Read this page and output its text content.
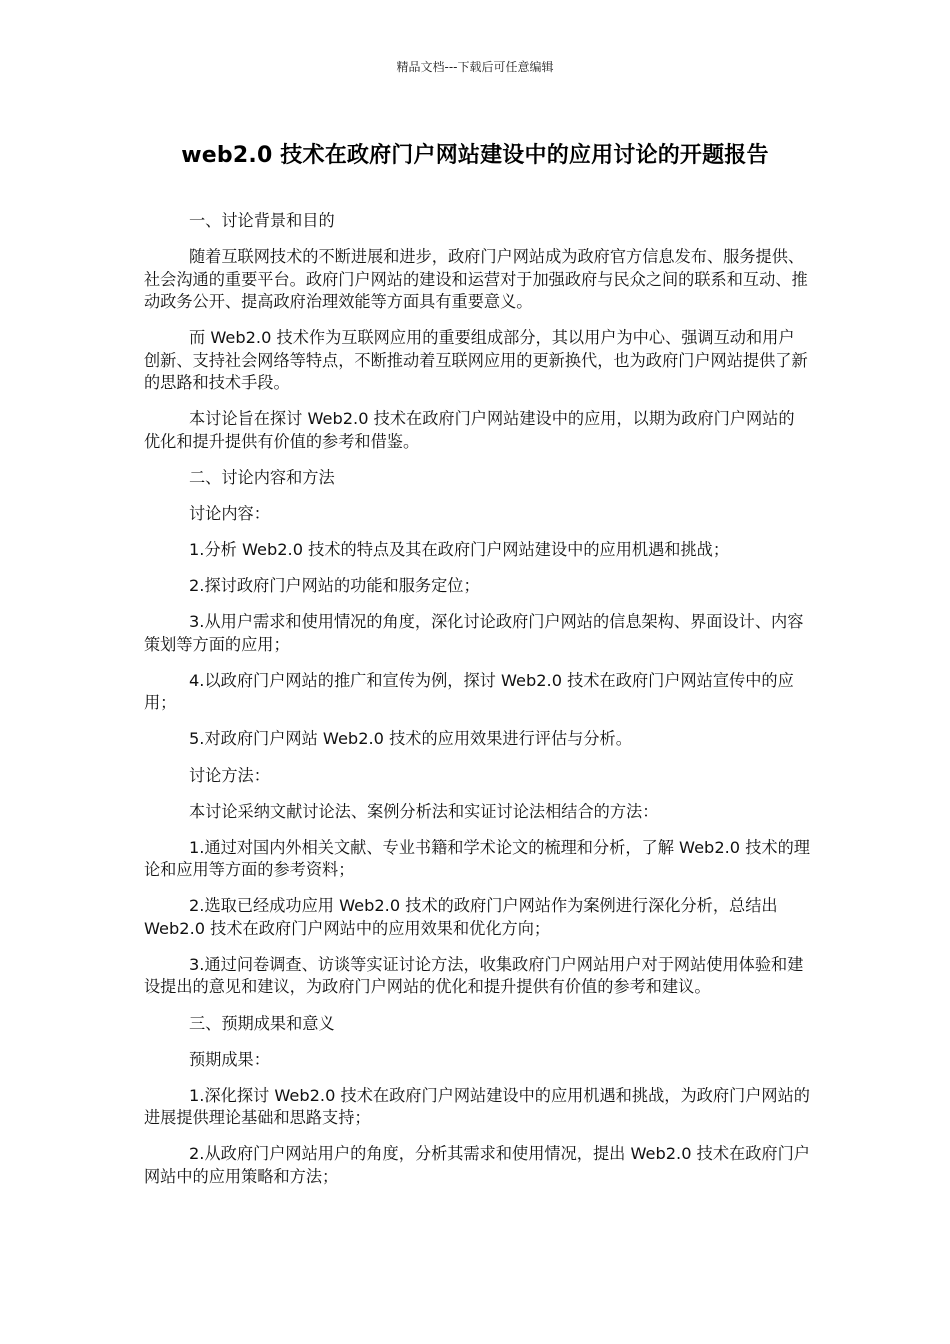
精品文档---下载后可任意编辑
web2.0 技术在政府门户网站建设中的应用讨论的开题报告

一、讨论背景和目的

随着互联网技术的不断进展和进步，政府门户网站成为政府官方信息发布、服务提供、社会沟通的重要平台。政府门户网站的建设和运营对于加强政府与民众之间的联系和互动、推动政务公开、提高政府治理效能等方面具有重要意义。

而 Web2.0 技术作为互联网应用的重要组成部分，其以用户为中心、强调互动和用户创新、支持社会网络等特点，不断推动着互联网应用的更新换代，也为政府门户网站提供了新的思路和技术手段。

本讨论旨在探讨 Web2.0 技术在政府门户网站建设中的应用，以期为政府门户网站的优化和提升提供有价值的参考和借鉴。

二、讨论内容和方法

讨论内容：

1.分析 Web2.0 技术的特点及其在政府门户网站建设中的应用机遇和挑战；

2.探讨政府门户网站的功能和服务定位；

3.从用户需求和使用情况的角度，深化讨论政府门户网站的信息架构、界面设计、内容策划等方面的应用；

4.以政府门户网站的推广和宣传为例，探讨 Web2.0 技术在政府门户网站宣传中的应用；

5.对政府门户网站 Web2.0 技术的应用效果进行评估与分析。

讨论方法：

本讨论采纳文献讨论法、案例分析法和实证讨论法相结合的方法：

1.通过对国内外相关文献、专业书籍和学术论文的梳理和分析，了解 Web2.0 技术的理论和应用等方面的参考资料；

2.选取已经成功应用 Web2.0 技术的政府门户网站作为案例进行深化分析，总结出 Web2.0 技术在政府门户网站中的应用效果和优化方向；

3.通过问卷调查、访谈等实证讨论方法，收集政府门户网站用户对于网站使用体验和建设提出的意见和建议，为政府门户网站的优化和提升提供有价值的参考和建议。

三、预期成果和意义

预期成果：

1.深化探讨 Web2.0 技术在政府门户网站建设中的应用机遇和挑战，为政府门户网站的进展提供理论基础和思路支持；

2.从政府门户网站用户的角度，分析其需求和使用情况，提出 Web2.0 技术在政府门户网站中的应用策略和方法；
